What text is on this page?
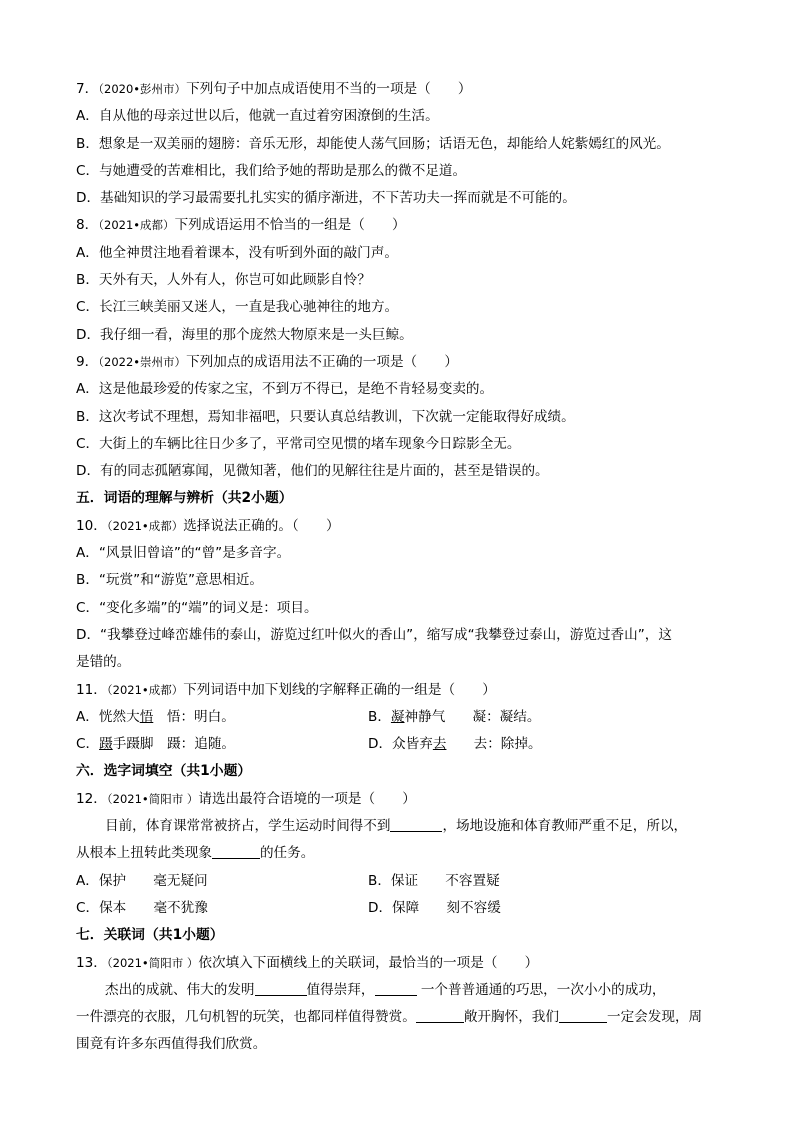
7．（2020•彭州市）下列句子中加点成语使用不当的一项是（　　）
A．自从他的母亲过世以后，他就一直过着穷困潦倒的生活。
B．想象是一双美丽的翅膀：音乐无形，却能使人荡气回肠；话语无色，却能给人姹紫嫣红的风光。
C．与她遭受的苦难相比，我们给予她的帮助是那么的微不足道。
D．基础知识的学习最需要扎扎实实的循序渐进，不下苦功夫一挥而就是不可能的。
8．（2021•成都）下列成语运用不恰当的一组是（　　）
A．他全神贯注地看着课本，没有听到外面的敲门声。
B．天外有天，人外有人，你岂可如此顾影自怜？
C．长江三峡美丽又迷人，一直是我心驰神往的地方。
D．我仔细一看，海里的那个庞然大物原来是一头巨鲸。
9．（2022•崇州市）下列加点的成语用法不正确的一项是（　　）
A．这是他最珍爱的传家之宝，不到万不得已，是绝不肯轻易变卖的。
B．这次考试不理想，焉知非福吧，只要认真总结教训，下次就一定能取得好成绩。
C．大街上的车辆比往日少多了，平常司空见惯的堵车现象今日踪影全无。
D．有的同志孤陋寡闻，见微知著，他们的见解往往是片面的，甚至是错误的。
五．词语的理解与辨析（共2小题）
10．（2021•成都）选择说法正确的。（　　）
A．“风景旧曾谙”的“曾”是多音字。
B．“玩赏”和“游览”意思相近。
C．“变化多端”的“端”的词义是：项目。
D．“我攀登过峰峦雄伟的泰山，游览过红叶似火的香山”，缩写成“我攀登过泰山，游览过香山”，这
是错的。
11．（2021•成都）下列词语中加下划线的字解释正确的一组是（　　）
A．恍然大悟　悟：明白。	B．凝神静气　　凝：凝结。
C．蹑手蹑脚　蹑：追随。	D．众皆弃去　　去：除掉。
六．选字词填空（共1小题）
12．（2021•简阳市 ）请选出最符合语境的一项是（　　）
目前，体育课常常被挤占，学生运动时间得不到	，场地设施和体育教师严重不足，所以，
从根本上扭转此类现象	的任务。
A．保护　　毫无疑问	B．保证　　不容置疑
C．保本　　毫不犹豫	D．保障　　刻不容缓
七．关联词（共1小题）
13．（2021•简阳市 ）依次填入下面横线上的关联词，最恰当的一项是（　　）
杰出的成就、伟大的发明	值得崇拜，	一个普普通通的巧思，一次小小的成功，
一件漂亮的衣服，几句机智的玩笑，也都同样值得赞赏。	敞开胸怀，我们	一定会发现，周
围竟有许多东西值得我们欣赏。
